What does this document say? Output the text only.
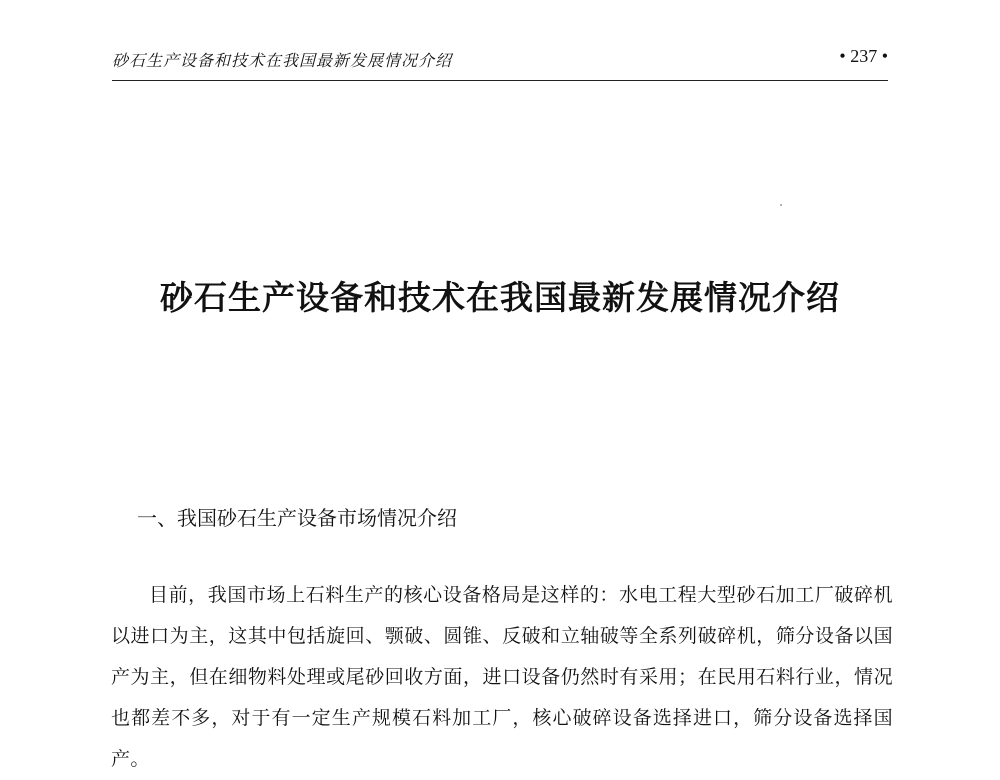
砂石生产设备和技术在我国最新发展情况介绍	• 237 •
砂石生产设备和技术在我国最新发展情况介绍
一、我国砂石生产设备市场情况介绍

目前，我国市场上石料生产的核心设备格局是这样的：水电工程大型砂石加工厂破碎机以进口为主，这其中包括旋回、颚破、圆锥、反破和立轴破等全系列破碎机，筛分设备以国产为主，但在细物料处理或尾砂回收方面，进口设备仍然时有采用；在民用石料行业，情况也都差不多，对于有一定生产规模石料加工厂，核心破碎设备选择进口，筛分设备选择国产。
